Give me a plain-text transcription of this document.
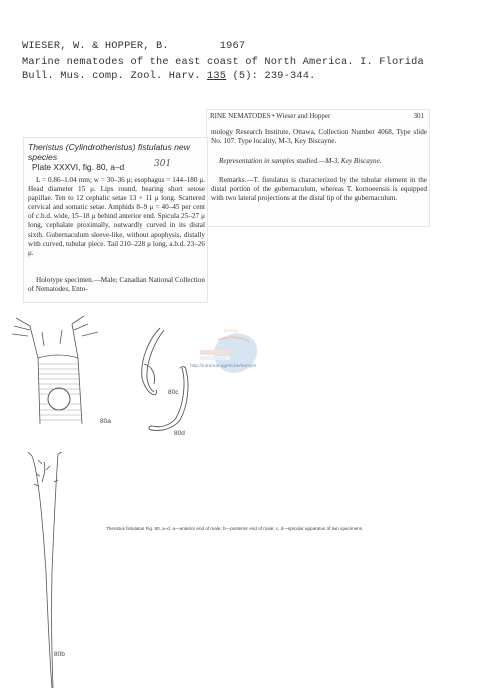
WIESER, W. & HOPPER, B.	1967
Marine nematodes of the east coast of North America. I. Florida
Bull. Mus. comp. Zool. Harv. 135 (5): 239-344.
RINE NEMATODES • Wieser and Hopper	301
mology Research Institute, Ottawa, Collection Number 4068, Type slide No. 107. Type locality, M-3, Key Biscayne.
Representation in samples studied.—M-3, Key Biscayne.
Remarks.—T. fistulatus is characterized by the tubular element in the distal portion of the gubernaculum, whereas T. kornoeensis is equipped with two lateral projections at the distal tip of the gubernaculum.
Theristus (Cylindrotheristus) fistulatus new species
301
Plate XXXVI, fig. 80, a–d
L = 0.86–1.04 mm; w = 30–36 μ; esophagus = 144–180 μ. Head diameter 15 μ. Lips round, bearing short setose papillae. Ten to 12 cephalic setae 13 + 11 μ long. Scattered cervical and somatic setae. Amphids 8–9 μ = 40–45 per cent of c.b.d. wide, 15–18 μ behind anterior end. Spicula 25–27 μ long, cephalate proximally, outwardly curved in its distal sixth. Gubernaculum sleeve-like, without apophysis, distally with curved, tubular piece. Tail 210–228 μ long, a.b.d. 23–26 μ.
Holotype specimen.—Male; Canadian National Collection of Nematodes, Ento-
Nemys
http://intramar.ugent.be/nemys/
80a
80c
80d
80b
Theristus fistulatus Fig. 80, a–d. a—anterior end of male; b—posterior end of male; c, d—spicular apparatus of two specimens.
